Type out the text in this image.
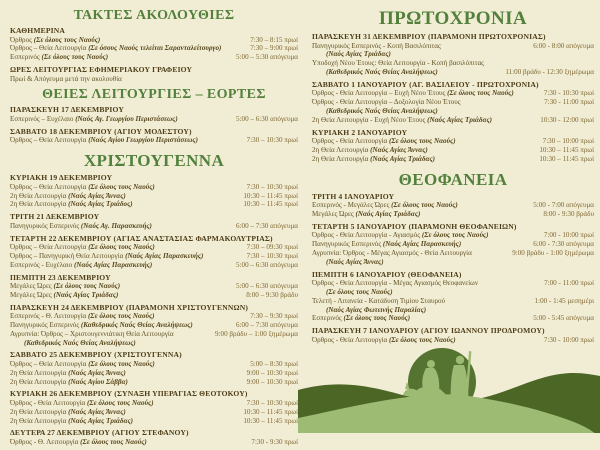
ΤΑΚΤΕΣ ΑΚΟΛΟΥΘΙΕΣ
ΚΑΘΗΜΕΡΙΝΑ
Όρθρος (Σε όλους τους Ναούς)	7:30 – 8:15 πρωί
Όρθρος – Θεία Λειτουργία (Σε όσους Ναούς τελείται Σαρανταλείτουργο)	7:30 – 9:00 πρωί
Εσπερινός (Σε όλους τους Ναούς)	5:00 – 5:30 απόγευμα
ΩΡΕΣ ΛΕΙΤΟΥΡΓΙΑΣ ΕΦΗΜΕΡΙΑΚΟΥ ΓΡΑΦΕΙΟΥ
Πρωί & Απόγευμα μετά την ακολουθία
ΘΕΙΕΣ ΛΕΙΤΟΥΡΓΙΕΣ – ΕΟΡΤΕΣ
ΠΑΡΑΣΚΕΥΗ 17 ΔΕΚΕΜΒΡΙΟΥ
Εσπερινός – Ευχέλαιο (Ναός Αγ. Γεωργίου Περιστάσεως)	5:00 – 6:30 απόγευμα
ΣΑΒΒΑΤΟ 18 ΔΕΚΕΜΒΡΙΟΥ (ΑΓΙΟΥ ΜΟΔΕΣΤΟΥ)
Όρθρος – Θεία Λειτουργία (Ναός Αγίου Γεωργίου Περιστάσεως)	7:30 – 10:30 πρωί
ΧΡΙΣΤΟΥΓΕΝΝΑ
ΚΥΡΙΑΚΗ 19 ΔΕΚΕΜΒΡΙΟΥ
Όρθρος – Θεία Λειτουργία (Σε όλους τους Ναούς)	7:30 – 10:30 πρωί
2η Θεία Λειτουργία (Ναός Αγίας Άννας)	10:30 – 11:45 πρωί
2η Θεία Λειτουργία (Ναός Αγίας Τριάδος)	10:30 – 11:45 πρωί
ΤΡΙΤΗ 21 ΔΕΚΕΜΒΡΙΟΥ
Πανηγυρικός Εσπερινός (Ναός Αγ. Παρασκευής)	6:00 – 7:30 απόγευμα
ΤΕΤΑΡΤΗ 22 ΔΕΚΕΜΒΡΙΟΥ (ΑΓΙΑΣ ΑΝΑΣΤΑΣΙΑΣ ΦΑΡΜΑΚΟΛΥΤΡΙΑΣ)
Όρθρος – Θεία Λειτουργία (Σε όλους τους Ναούς)	7:30 – 09:30 πρωί
Όρθρος – Πανηγυρική Θεία Λειτουργία (Ναός Αγίας Παρασκευής)	7:30 – 10:30 πρωί
Εσπερινός - Ευχέλαιο (Ναός Αγίας Παρασκευής)	5:00 – 6:30 απόγευμα
ΠΕΜΠΤΗ 23 ΔΕΚΕΜΒΡΙΟΥ
Μεγάλες Ώρες (Σε όλους τους Ναούς)	5:00 – 6:30 απόγευμα
Μεγάλες Ώρες (Ναός Αγίας Τριάδας)	8:00 – 9:30 βράδυ
ΠΑΡΑΣΚΕΥΗ 24 ΔΕΚΕΜΒΡΙΟΥ (ΠΑΡΑΜΟΝΗ ΧΡΙΣΤΟΥΓΕΝΝΩΝ)
Εσπερινός - Θ. Λειτουργία (Σε όλους τους Ναούς)	7:30 – 9:30 πρωί
Πανηγυρικός Εσπερινός (Καθεδρικός Ναός Θείας Αναλήψεως)	6:00 – 7:30 απόγευμα
Αγρυπνία: Όρθρος – Χριστουγεννιάτικη Θεία Λειτουργία	9:00 βράδυ – 1:00 ξημέρωμα
(Καθεδρικός Ναός Θείας Αναλήψεως)
ΣΑΒΒΑΤΟ 25 ΔΕΚΕΜΒΡΙΟΥ (ΧΡΙΣΤΟΥΓΕΝΝΑ)
Όρθρος – Θεία Λειτουργία (Σε όλους τους Ναούς)	5:00 – 8:30 πρωί
2η Θεία Λειτουργία (Ναός Αγίας Άννας)	9:00 – 10:30 πρωί
2η Θεία Λειτουργία (Ναός Αγίου Σάββα)	9:00 – 10:30 πρωί
ΚΥΡΙΑΚΗ 26 ΔΕΚΕΜΒΡΙΟΥ (ΣΥΝΑΞΗ ΥΠΕΡΑΓΙΑΣ ΘΕΟΤΟΚΟΥ)
Όρθρος - Θεία Λειτουργία (Σε όλους τους Ναούς)	7:30 – 10:30 πρωί
2η Θεία Λειτουργία (Ναός Αγίας Άννας)	10:30 – 11:45 πρωί
2η Θεία Λειτουργία (Ναός Αγίας Τριάδας)	10:30 – 11:45 πρωί
ΔΕΥΤΕΡΑ 27 ΔΕΚΕΜΒΡΙΟΥ (ΑΓΙΟΥ ΣΤΕΦΑΝΟΥ)
Όρθρος - Θ. Λειτουργία (Σε όλους τους Ναούς)	7:30 - 9:30 πρωί
ΠΡΩΤΟΧΡΟΝΙΑ
ΠΑΡΑΣΚΕΥΗ 31 ΔΕΚΕΜΒΡΙΟΥ (ΠΑΡΑΜΟΝΗ ΠΡΩΤΟΧΡΟΝΙΑΣ)
Πανηγυρικός Εσπερινός - Κοπή Βασιλόπιτας	6:00 - 8:00 απόγευμα
(Ναός Αγίας Τριάδας)
Υποδοχή Νέου Έτους: Θεία Λειτουργία - Κοπή βασιλόπιτας
(Καθεδρικός Ναός Θείας Αναλήψεως)	11:00 βράδυ - 12:30 ξημέρωμα
ΣΑΒΒΑΤΟ 1 ΙΑΝΟΥΑΡΙΟΥ (ΑΓ. ΒΑΣΙΛΕΙΟΥ - ΠΡΩΤΟΧΡΟΝΙΑ)
Όρθρος - Θεία Λειτουργία – Ευχή Νέου Έτους (Σε όλους τους Ναούς)	7:30 - 10:30 πρωί
Όρθρος - Θεία Λειτουργία – Δοξολογία Νέου Έτους	7:30 - 11:00 πρωί
(Καθεδρικός Ναός Θείας Αναλήψεως)
2η Θεία Λειτουργία - Ευχή Νέου Έτους (Ναός Αγίας Τριάδας)	10:30 - 12:00 πρωί
ΚΥΡΙΑΚΗ 2 ΙΑΝΟΥΑΡΙΟΥ
Όρθρος - Θεία Λειτουργία (Σε όλους τους Ναούς)	7:30 – 10:00 πρωί
2η Θεία Λειτουργία (Ναός Αγίας Άννας)	10:30 – 11:45 πρωί
2η Θεία Λειτουργία (Ναός Αγίας Τριάδας)	10:30 – 11:45 πρωί
ΘΕΟΦΑΝΕΙΑ
ΤΡΙΤΗ 4 ΙΑΝΟΥΑΡΙΟΥ
Εσπερινός - Μεγάλες Ώρες (Σε όλους τους Ναούς)	5:00 - 7:00 απόγευμα
Μεγάλες Ώρες (Ναός Αγίας Τριάδας)	8:00 - 9:30 βράδυ
ΤΕΤΑΡΤΗ 5 ΙΑΝΟΥΑΡΙΟΥ (ΠΑΡΑΜΟΝΗ ΘΕΟΦΑΝΕΙΩΝ)
Όρθρος - Θεία Λειτουργία - Αγιασμός (Σε όλους τους Ναούς)	7:00 - 10:00 πρωί
Πανηγυρικός Εσπερινός (Ναός Αγίας Παρασκευής)	6:00 - 7:30 απόγευμα
Αγρυπνία: Όρθρος - Μέγας Αγιασμός - Θεία Λειτουργία	9:00 βράδυ - 1:00 ξημέρωμα
(Ναός Αγίας Άννας)
ΠΕΜΠΤΗ 6 ΙΑΝΟΥΑΡΙΟΥ (ΘΕΟΦΑΝΕΙΑ)
Όρθρος - Θεία Λειτουργία - Μέγας Αγιασμός Θεοφανείων	7:00 - 11:00 πρωί
(Σε όλους τους Ναούς)
Τελετή - Λιτανεία - Κατάδυση Τιμίου Σταυρού	1:00 - 1:45 μεσημέρι
(Ναός Αγίας Φωτεινής Παραλίας)
Εσπερινός (Σε όλους τους Ναούς)	5:00 - 5:45 απόγευμα
ΠΑΡΑΣΚΕΥΗ 7 ΙΑΝΟΥΑΡΙΟΥ (ΑΓΙΟΥ ΙΩΑΝΝΟΥ ΠΡΟΔΡΟΜΟΥ)
Όρθρος - Θεία Λειτουργία (Σε όλους τους Ναούς)	7:30 - 10:00 πρωί
